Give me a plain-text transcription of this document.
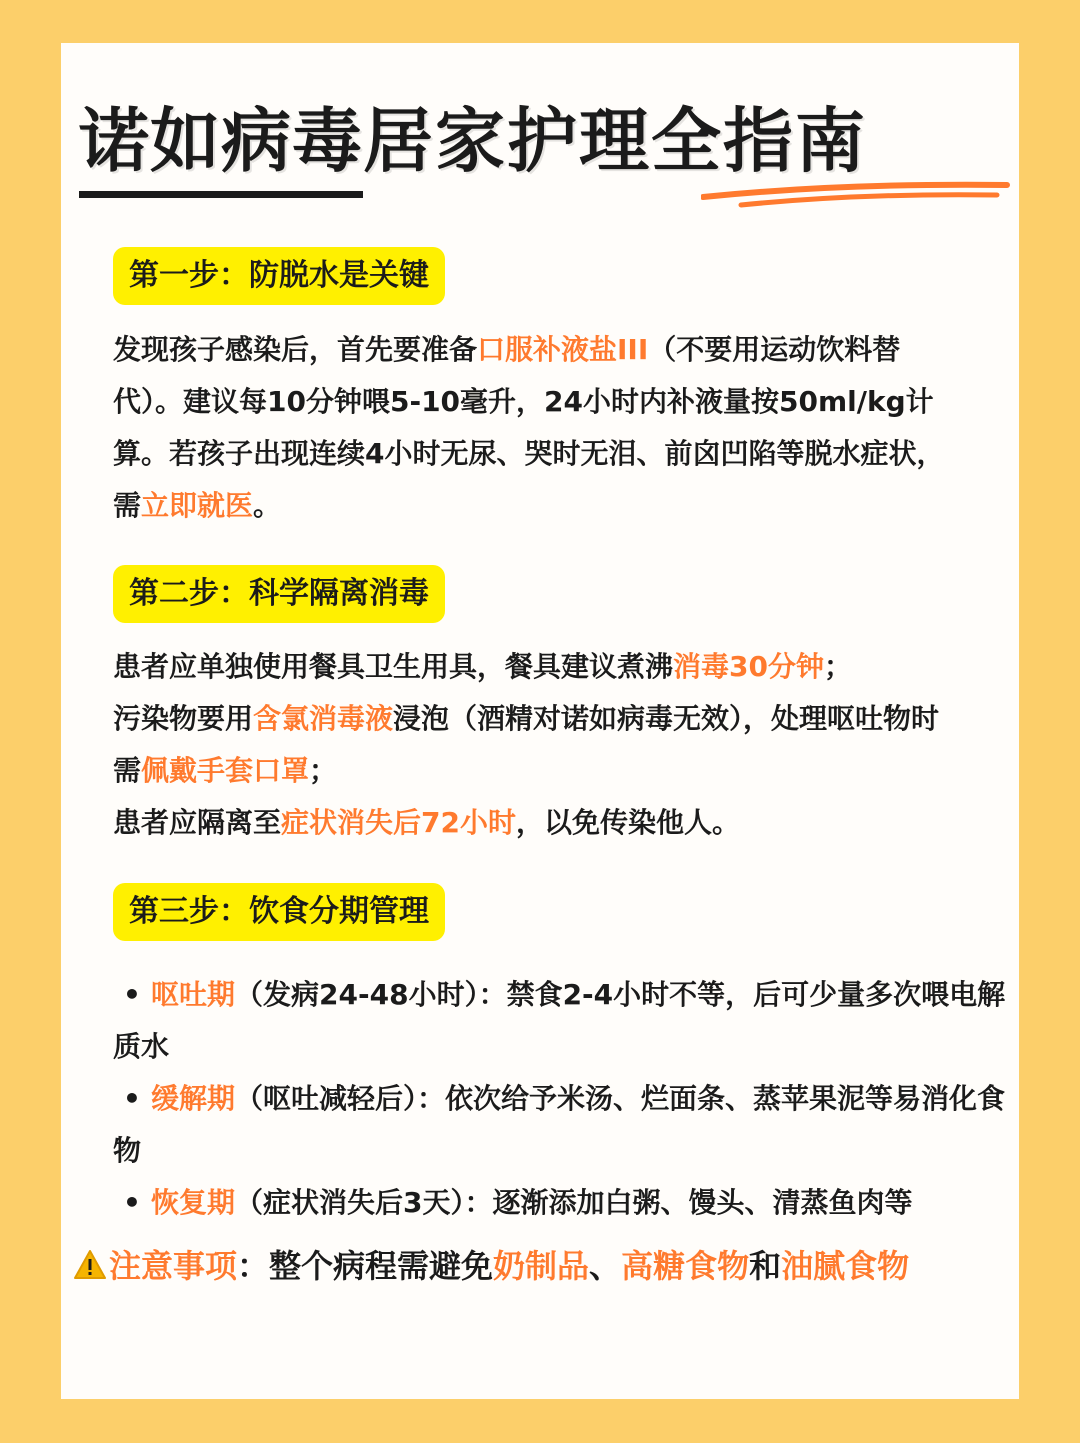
诺如病毒居家护理全指南
第一步：防脱水是关键
发现孩子感染后，首先要准备口服补液盐III（不要用运动饮料替代）。建议每10分钟喂5-10毫升，24小时内补液量按50ml/kg计算。若孩子出现连续4小时无尿、哭时无泪、前囟凹陷等脱水症状，需立即就医。
第二步：科学隔离消毒
患者应单独使用餐具卫生用具，餐具建议煮沸消毒30分钟；
污染物要用含氯消毒液浸泡（酒精对诺如病毒无效），处理呕吐物时需佩戴手套口罩；
患者应隔离至症状消失后72小时，以免传染他人。
第三步：饮食分期管理
• 呕吐期（发病24-48小时）：禁食2-4小时不等，后可少量多次喂电解质水
• 缓解期（呕吐减轻后）：依次给予米汤、烂面条、蒸苹果泥等易消化食物
• 恢复期（症状消失后3天）：逐渐添加白粥、馒头、清蒸鱼肉等
注意事项：整个病程需避免奶制品、高糖食物和油腻食物
